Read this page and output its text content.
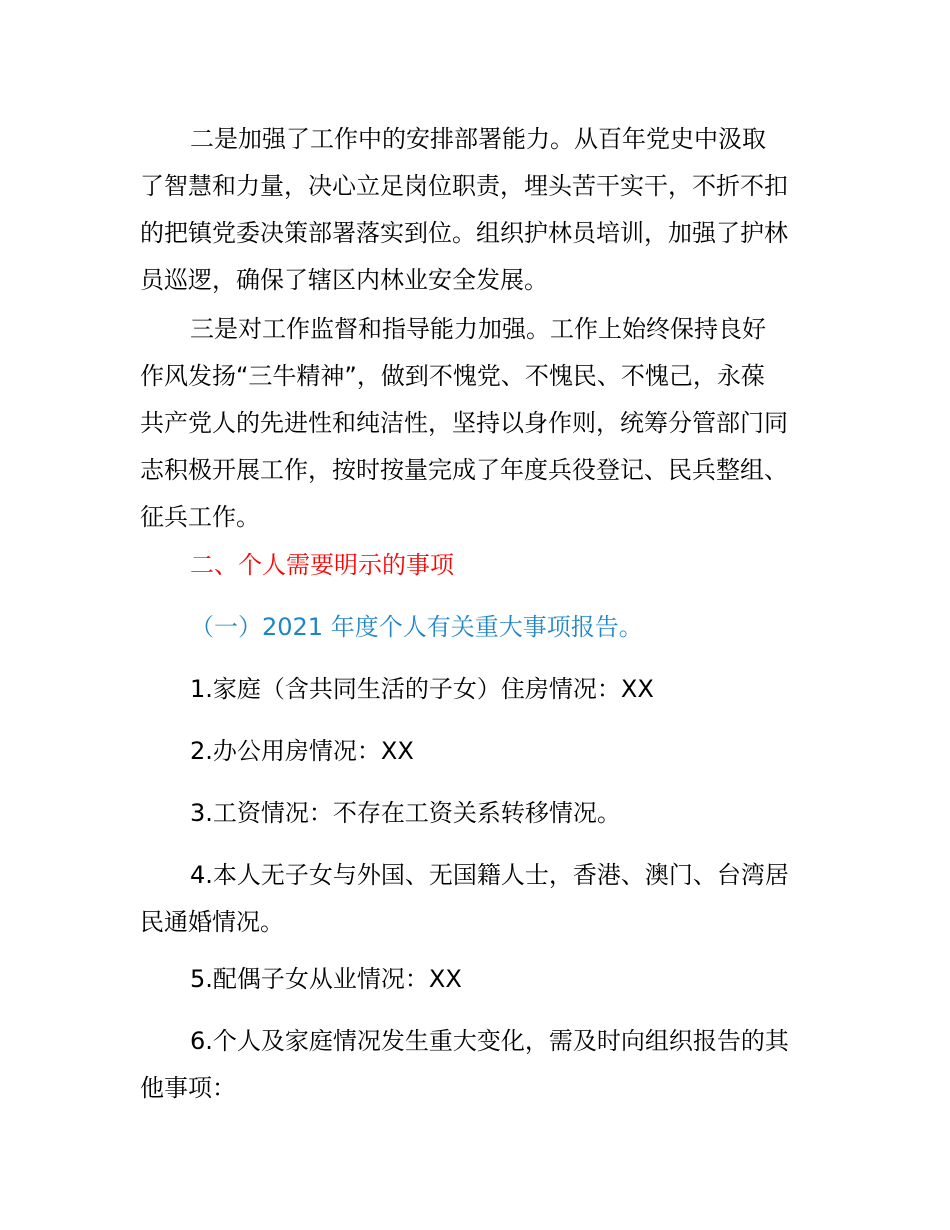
二是加强了工作中的安排部署能力。从百年党史中汲取
了智慧和力量，决心立足岗位职责，埋头苦干实干，不折不扣
的把镇党委决策部署落实到位。组织护林员培训，加强了护林
员巡逻，确保了辖区内林业安全发展。
三是对工作监督和指导能力加强。工作上始终保持良好
作风发扬“三牛精神”，做到不愧党、不愧民、不愧己，永葆
共产党人的先进性和纯洁性，坚持以身作则，统筹分管部门同
志积极开展工作，按时按量完成了年度兵役登记、民兵整组、
征兵工作。
二、个人需要明示的事项
（一）2021 年度个人有关重大事项报告。
1.家庭（含共同生活的子女）住房情况：XX
2.办公用房情况：XX
3.工资情况：不存在工资关系转移情况。
4.本人无子女与外国、无国籍人士，香港、澳门、台湾居
民通婚情况。
5.配偶子女从业情况：XX
6.个人及家庭情况发生重大变化，需及时向组织报告的其
他事项：
